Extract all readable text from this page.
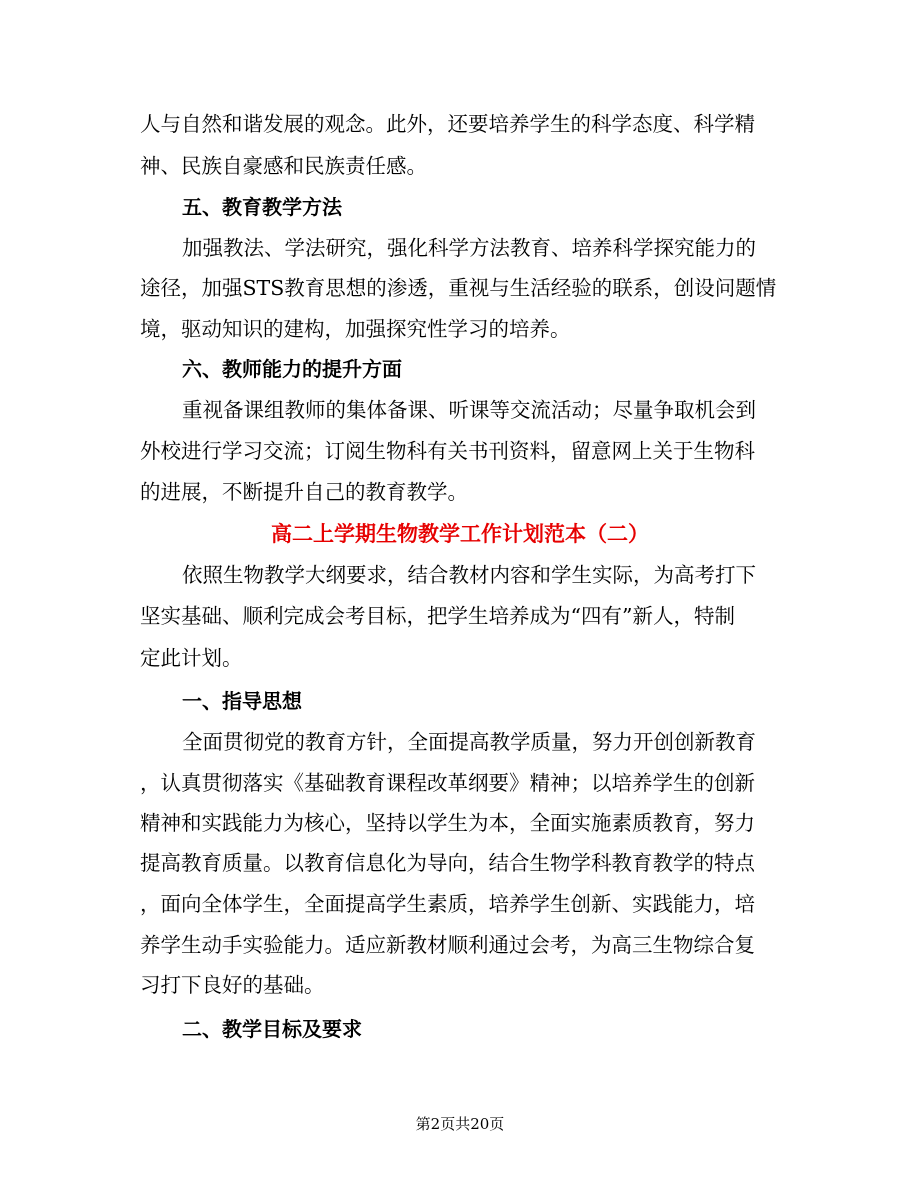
人与自然和谐发展的观念。此外，还要培养学生的科学态度、科学精
神、民族自豪感和民族责任感。
五、教育教学方法
加强教法、学法研究，强化科学方法教育、培养科学探究能力的
途径，加强STS教育思想的渗透，重视与生活经验的联系，创设问题情
境，驱动知识的建构，加强探究性学习的培养。
六、教师能力的提升方面
重视备课组教师的集体备课、听课等交流活动；尽量争取机会到
外校进行学习交流；订阅生物科有关书刊资料，留意网上关于生物科
的进展，不断提升自己的教育教学。
高二上学期生物教学工作计划范本（二）
依照生物教学大纲要求，结合教材内容和学生实际，为高考打下
坚实基础、顺利完成会考目标，把学生培养成为“四有”新人，特制
定此计划。
一、指导思想
全面贯彻党的教育方针，全面提高教学质量，努力开创创新教育
，认真贯彻落实《基础教育课程改革纲要》精神；以培养学生的创新
精神和实践能力为核心，坚持以学生为本，全面实施素质教育，努力
提高教育质量。以教育信息化为导向，结合生物学科教育教学的特点
，面向全体学生，全面提高学生素质，培养学生创新、实践能力，培
养学生动手实验能力。适应新教材顺利通过会考，为高三生物综合复
习打下良好的基础。
二、教学目标及要求
第2页共20页
